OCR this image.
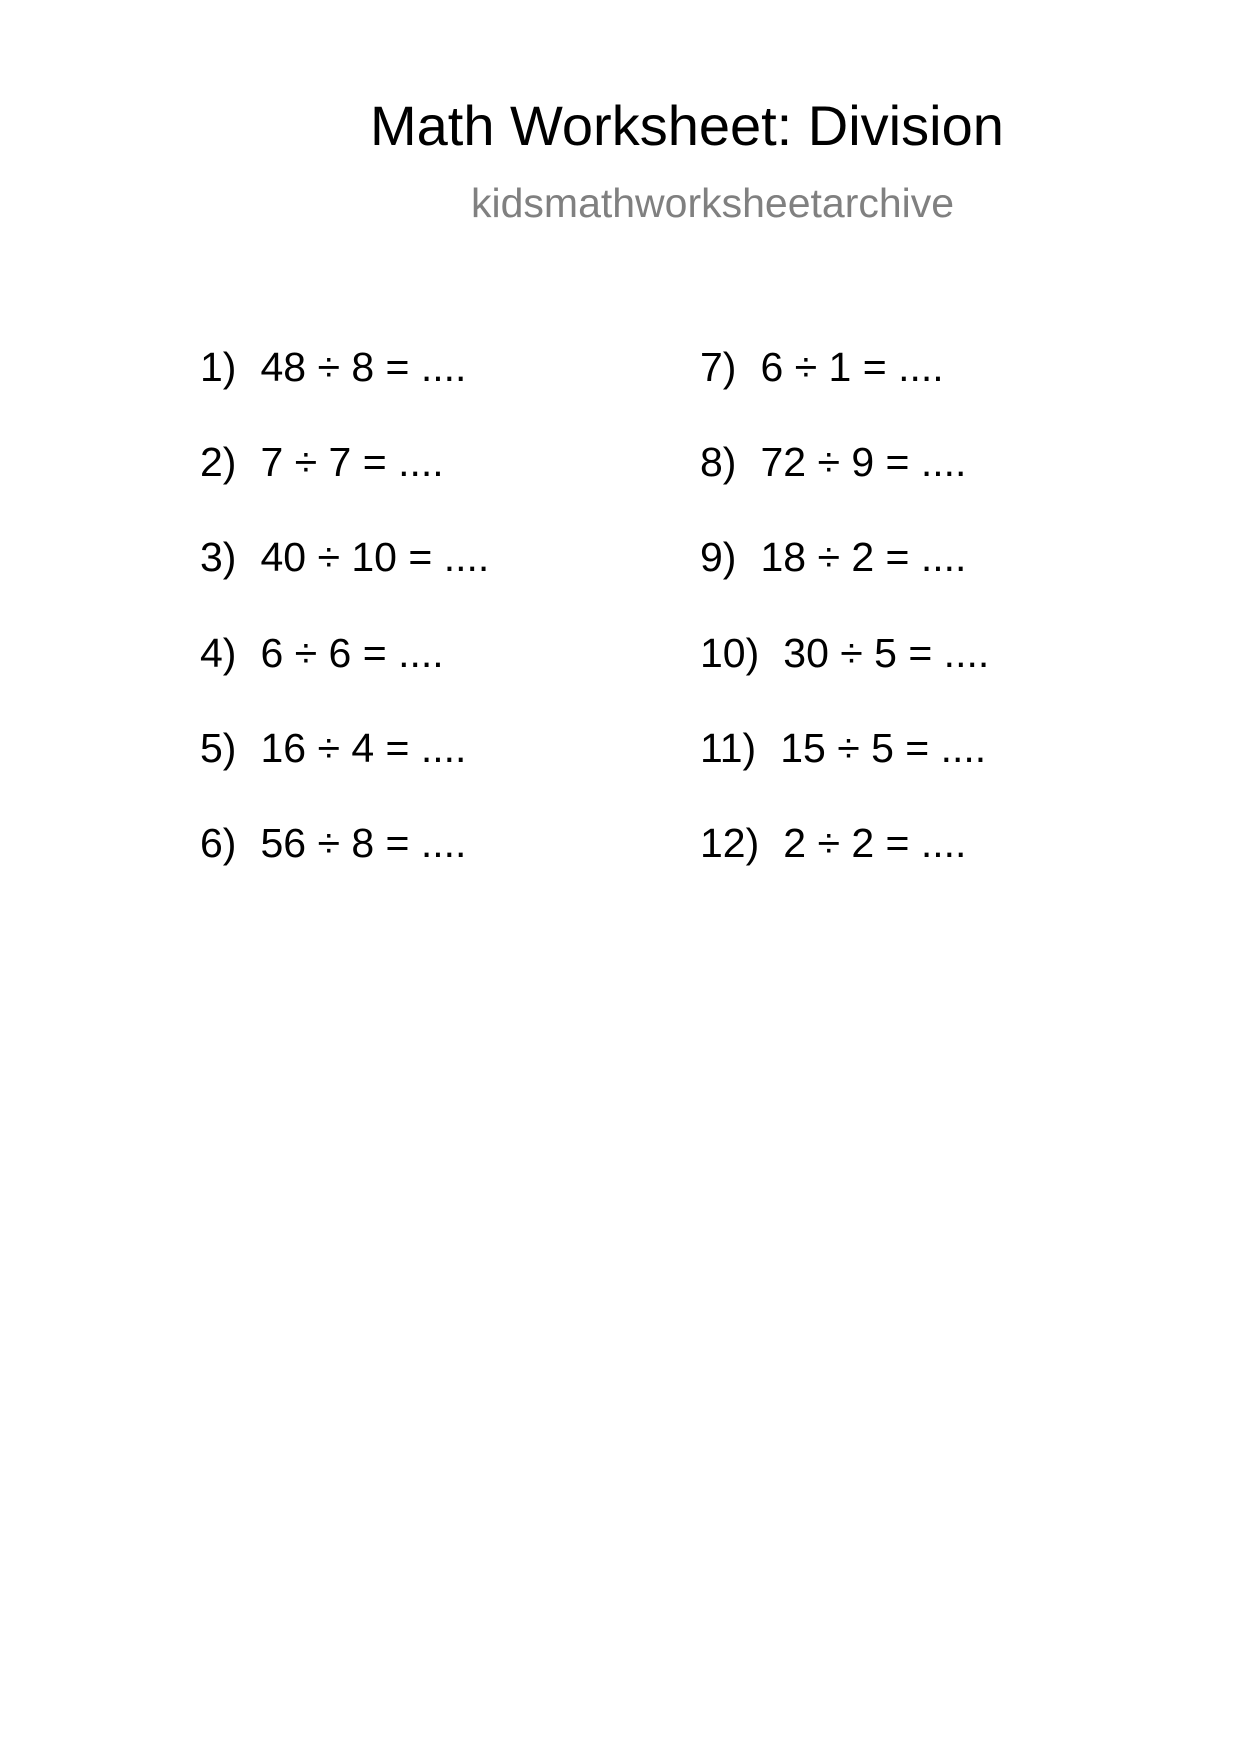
Math Worksheet: Division
kidsmathworksheetarchive
1) 48 ÷ 8 = ....
2) 7 ÷ 7 = ....
3) 40 ÷ 10 = ....
4) 6 ÷ 6 = ....
5) 16 ÷ 4 = ....
6) 56 ÷ 8 = ....
7) 6 ÷ 1 = ....
8) 72 ÷ 9 = ....
9) 18 ÷ 2 = ....
10) 30 ÷ 5 = ....
11) 15 ÷ 5 = ....
12) 2 ÷ 2 = ....
